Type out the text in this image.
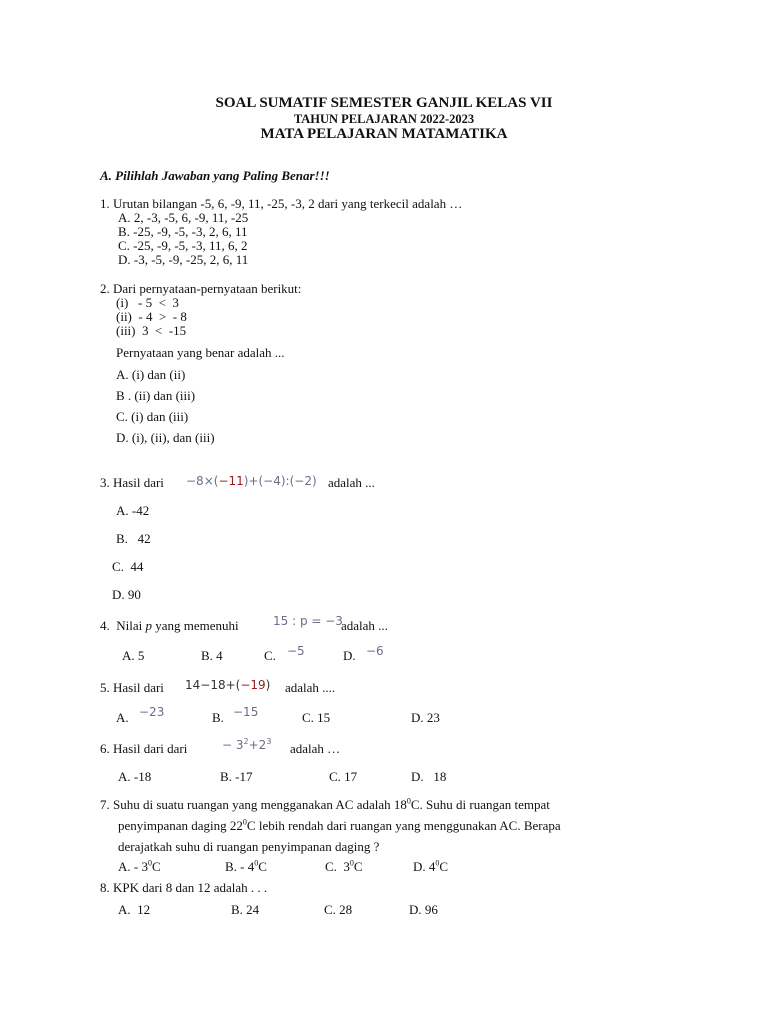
SOAL SUMATIF SEMESTER GANJIL KELAS VII
TAHUN PELAJARAN 2022-2023
MATA PELAJARAN MATAMATIKA
A. Pilihlah Jawaban yang Paling Benar!!!
1. Urutan bilangan -5, 6, -9, 11, -25, -3, 2 dari yang terkecil adalah …
A. 2, -3, -5, 6, -9, 11, -25
B. -25, -9, -5, -3, 2, 6, 11
C. -25, -9, -5, -3, 11, 6, 2
D. -3, -5, -9, -25, 2, 6, 11
2. Dari pernyataan-pernyataan berikut:
(i)   - 5  <  3
(ii)  - 4  >  - 8
(iii)  3  <  -15
Pernyataan yang benar adalah ...
A. (i) dan (ii)
B . (ii) dan (iii)
C. (i) dan (iii)
D. (i), (ii), dan (iii)
3. Hasil dari −8×(−11)+(−4):(−2) adalah ...
A. -42
B.   42
C.  44
D. 90
4.  Nilai p yang memenuhi	15 : p = −3
adalah ...
A. 5	B. 4	C. −5	D. −6
5. Hasil dari 14−18+(−19) adalah ....
A. −23	B. −15	C. 15	D. 23
6. Hasil dari dari	− $3^2+2^3$ adalah …
A. -18	B. -17	C. 17	D.   18
7. Suhu di suatu ruangan yang mengganakan AC adalah $18^0C$. Suhu di ruangan tempat
penyimpanan daging $22^0C$ lebih rendah dari ruangan yang menggunakan AC. Berapa
derajatkah suhu di ruangan penyimpanan daging ?
A. - $3^0C$	B. - $4^0C$	C.  $3^0C$	D. $4^0C$
8. KPK dari 8 dan 12 adalah . . .
A.  12	B. 24	C. 28	D. 96
